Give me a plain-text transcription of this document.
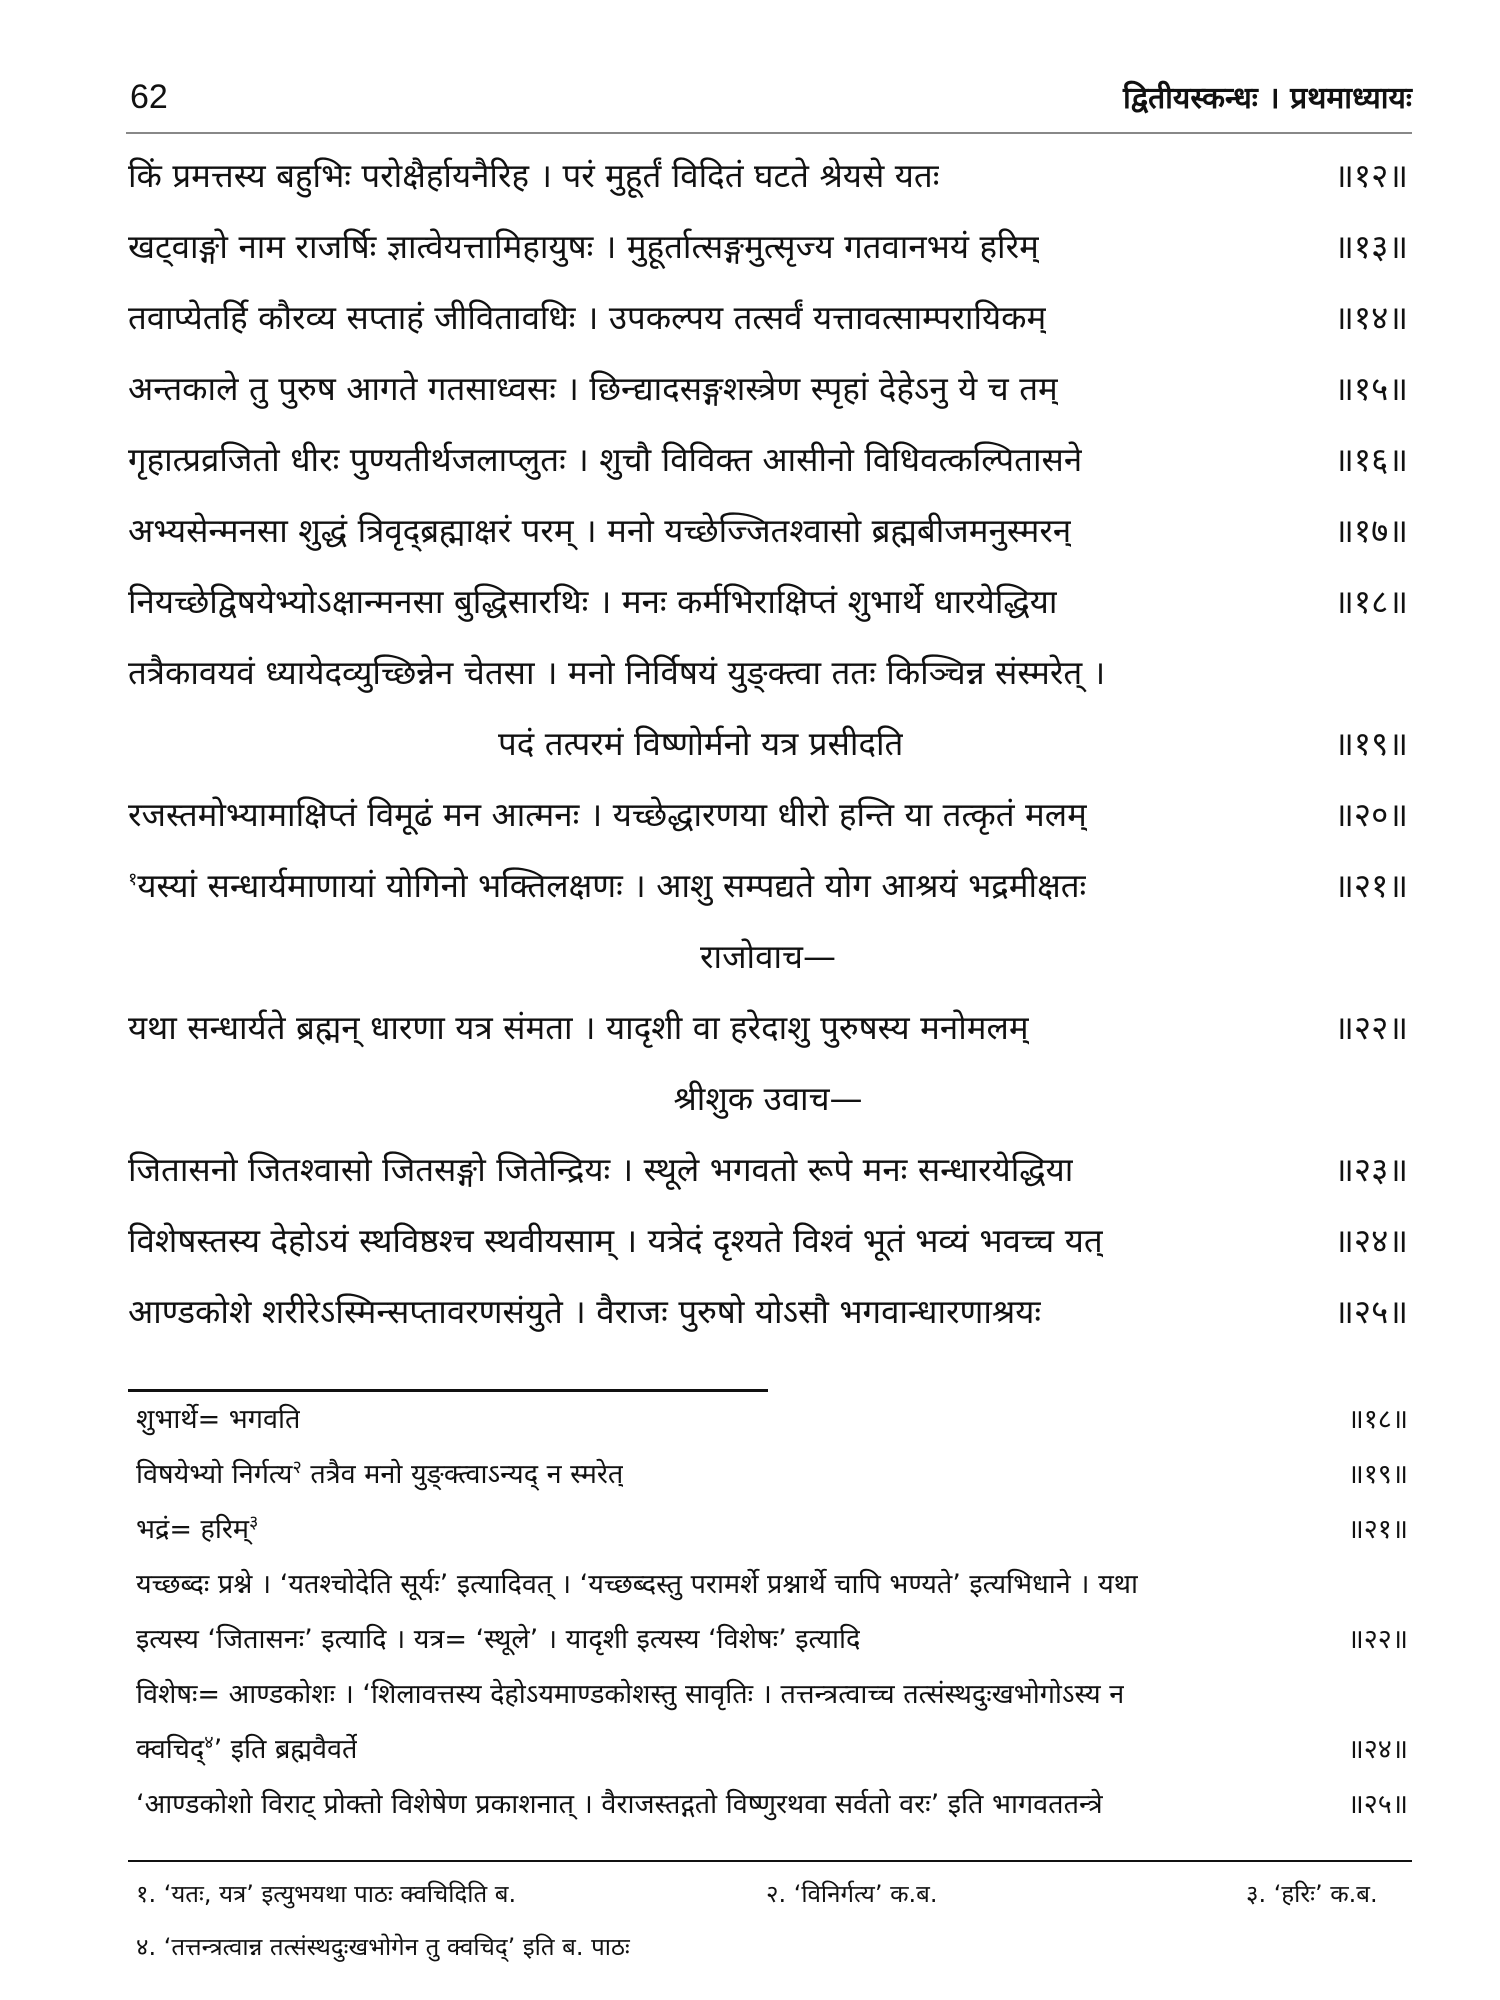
62	द्वितीयस्कन्धः । प्रथमाध्यायः
किं प्रमत्तस्य बहुभिः परोक्षैर्हायनैरिह । परं मुहूर्तं विदितं घटते श्रेयसे यतः	॥१२॥
खट्वाङ्गो नाम राजर्षिः ज्ञात्वेयत्तामिहायुषः । मुहूर्तात्सङ्गमुत्सृज्य गतवानभयं हरिम्	॥१३॥
तवाप्येतर्हि कौरव्य सप्ताहं जीवितावधिः । उपकल्पय तत्सर्वं यत्तावत्साम्परायिकम्	॥१४॥
अन्तकाले तु पुरुष आगते गतसाध्वसः । छिन्द्यादसङ्गशस्त्रेण स्पृहां देहेऽनु ये च तम्	॥१५॥
गृहात्प्रव्रजितो धीरः पुण्यतीर्थजलाप्लुतः । शुचौ विविक्त आसीनो विधिवत्कल्पितासने	॥१६॥
अभ्यसेन्मनसा शुद्धं त्रिवृद्ब्रह्माक्षरं परम् । मनो यच्छेज्जितश्वासो ब्रह्मबीजमनुस्मरन्	॥१७॥
नियच्छेद्विषयेभ्योऽक्षान्मनसा बुद्धिसारथिः । मनः कर्मभिराक्षिप्तं शुभार्थे धारयेद्धिया	॥१८॥
तत्रैकावयवं ध्यायेदव्युच्छिन्नेन चेतसा । मनो निर्विषयं युङ्क्त्वा ततः किञ्चिन्न संस्मरेत् ।
पदं तत्परमं विष्णोर्मनो यत्र प्रसीदति	॥१९॥
रजस्तमोभ्यामाक्षिप्तं विमूढं मन आत्मनः । यच्छेद्धारणया धीरो हन्ति या तत्कृतं मलम्	॥२०॥
$^१$यस्यां सन्धार्यमाणायां योगिनो भक्तिलक्षणः । आशु सम्पद्यते योग आश्रयं भद्रमीक्षतः	॥२१॥
राजोवाच—
यथा सन्धार्यते ब्रह्मन् धारणा यत्र संमता । यादृशी वा हरेदाशु पुरुषस्य मनोमलम्	॥२२॥
श्रीशुक उवाच—
जितासनो जितश्वासो जितसङ्गो जितेन्द्रियः । स्थूले भगवतो रूपे मनः सन्धारयेद्धिया	॥२३॥
विशेषस्तस्य देहोऽयं स्थविष्ठश्च स्थवीयसाम् । यत्रेदं दृश्यते विश्वं भूतं भव्यं भवच्च यत्	॥२४॥
आण्डकोशे शरीरेऽस्मिन्सप्तावरणसंयुते । वैराजः पुरुषो योऽसौ भगवान्धारणाश्रयः	॥२५॥
शुभार्थे= भगवति	॥१८॥
विषयेभ्यो निर्गत्य$^२$ तत्रैव मनो युङ्क्त्वाऽन्यद् न स्मरेत्	॥१९॥
भद्रं= हरिम्$^३$	॥२१॥
यच्छब्दः प्रश्ने । ‘यतश्चोदेति सूर्यः’ इत्यादिवत् । ‘यच्छब्दस्तु परामर्शे प्रश्नार्थे चापि भण्यते’ इत्यभिधाने । यथा
इत्यस्य ‘जितासनः’ इत्यादि । यत्र= ‘स्थूले’ । यादृशी इत्यस्य ‘विशेषः’ इत्यादि	॥२२॥
विशेषः= आण्डकोशः । ‘शिलावत्तस्य देहोऽयमाण्डकोशस्तु सावृतिः । तत्तन्त्रत्वाच्च तत्संस्थदुःखभोगोऽस्य न
क्वचिद्$^४$’ इति ब्रह्मवैवर्ते	॥२४॥
‘आण्डकोशो विराट् प्रोक्तो विशेषेण प्रकाशनात् । वैराजस्तद्गतो विष्णुरथवा सर्वतो वरः’ इति भागवततन्त्रे	॥२५॥
१. ‘यतः, यत्र’ इत्युभयथा पाठः क्वचिदिति ब.	२. ‘विनिर्गत्य’ क.ब.	३. ‘हरिः’ क.ब.
४. ‘तत्तन्त्रत्वान्न तत्संस्थदुःखभोगेन तु क्वचिद्’ इति ब. पाठः
